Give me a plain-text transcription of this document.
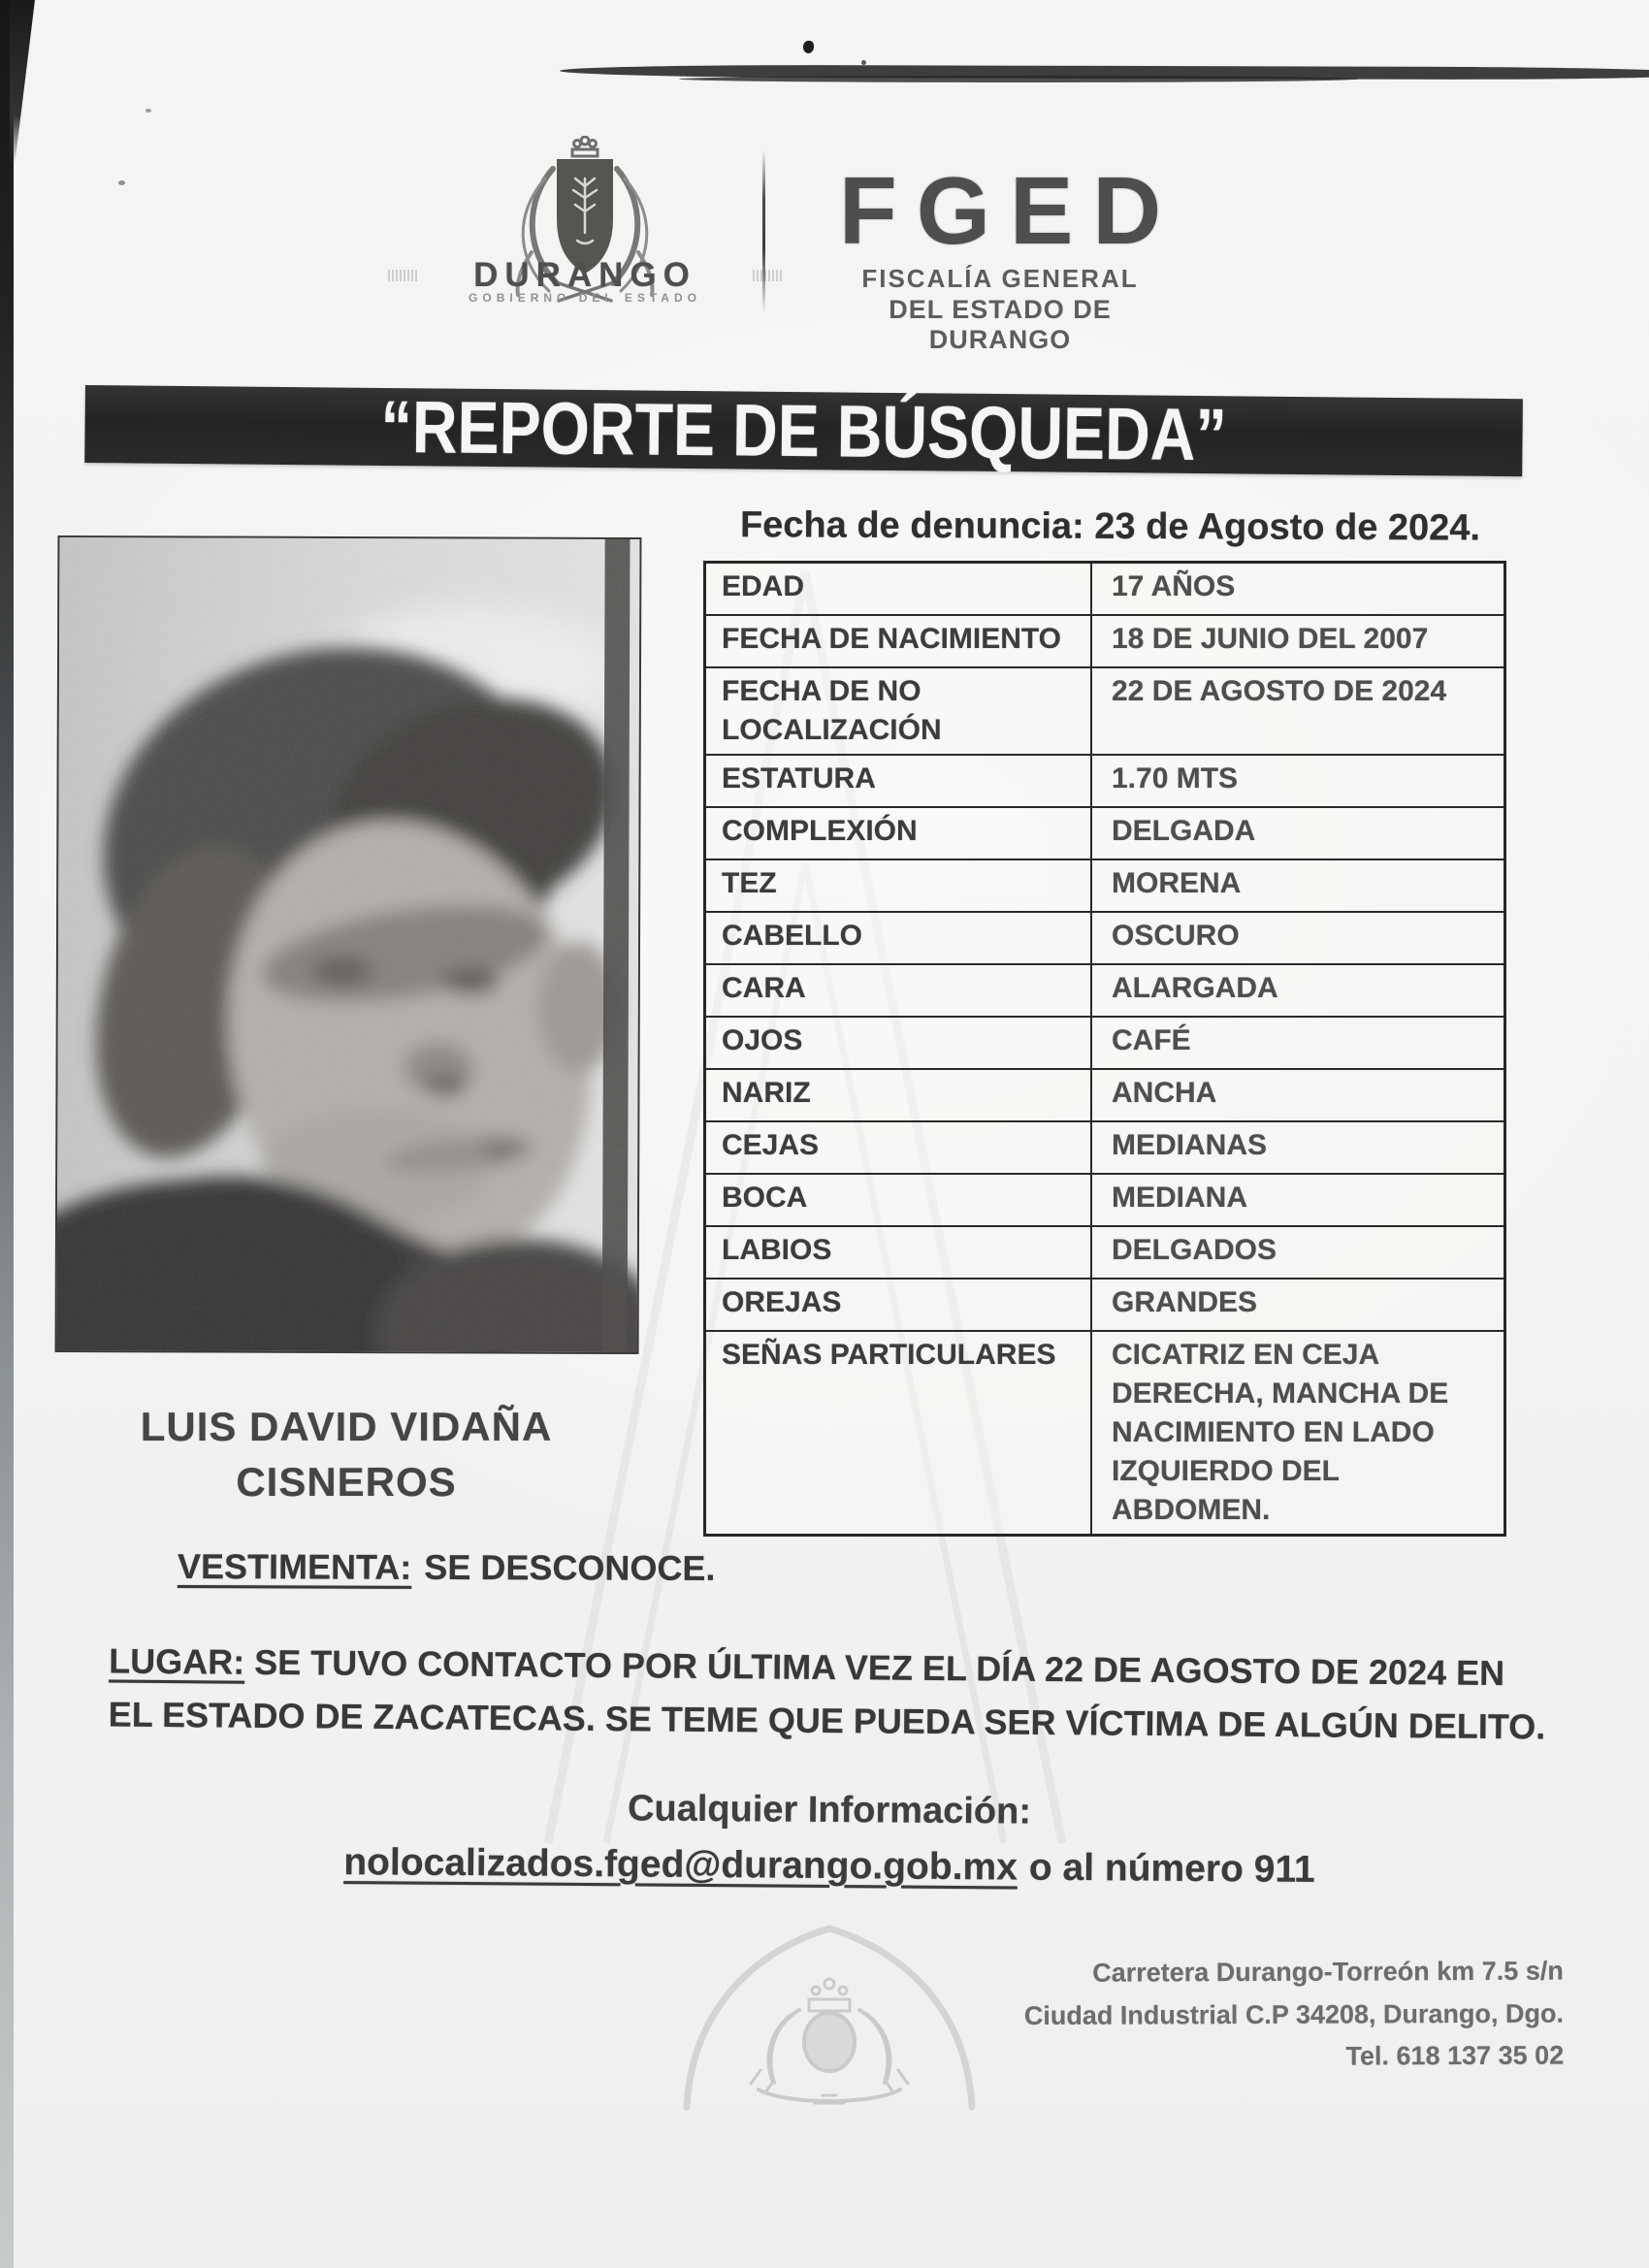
DURANGO
GOBIERNO DEL ESTADO
FGED
FISCALÍA GENERAL
DEL ESTADO DE DURANGO
“REPORTE DE BÚSQUEDA”
Fecha de denuncia: 23 de Agosto de 2024.
EDAD	17 AÑOS
FECHA DE NACIMIENTO	18 DE JUNIO DEL 2007
FECHA DE NO LOCALIZACIÓN	22 DE AGOSTO DE 2024
ESTATURA	1.70 MTS
COMPLEXIÓN	DELGADA
TEZ	MORENA
CABELLO	OSCURO
CARA	ALARGADA
OJOS	CAFÉ
NARIZ	ANCHA
CEJAS	MEDIANAS
BOCA	MEDIANA
LABIOS	DELGADOS
OREJAS	GRANDES
SEÑAS PARTICULARES	CICATRIZ EN CEJA DERECHA, MANCHA DE NACIMIENTO EN LADO IZQUIERDO DEL ABDOMEN.
LUIS DAVID VIDAÑA
CISNEROS

VESTIMENTA: SE DESCONOCE.

LUGAR: SE TUVO CONTACTO POR ÚLTIMA VEZ EL DÍA 22 DE AGOSTO DE 2024 EN EL ESTADO DE ZACATECAS. SE TEME QUE PUEDA SER VÍCTIMA DE ALGÚN DELITO.

Cualquier Información:
nolocalizados.fged@durango.gob.mx o al número 911
Carretera Durango-Torreón km 7.5 s/n
Ciudad Industrial C.P 34208, Durango, Dgo.
Tel. 618 137 35 02
